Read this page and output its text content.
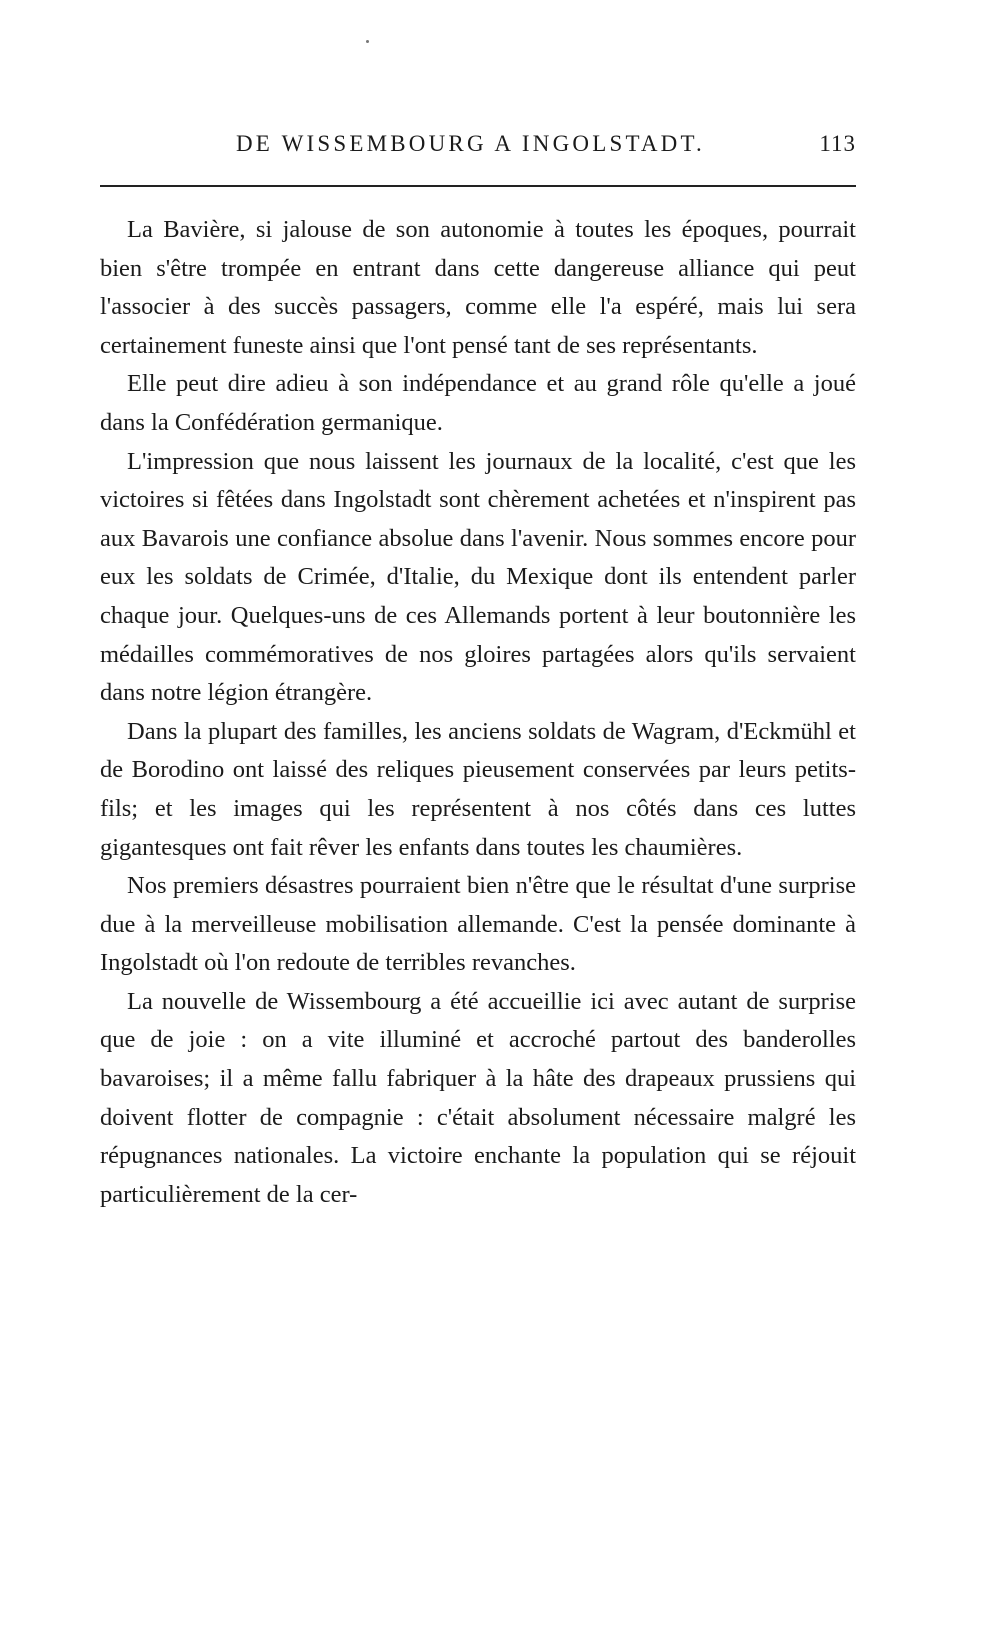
DE WISSEMBOURG A INGOLSTADT.	113

La Bavière, si jalouse de son autonomie à toutes les époques, pourrait bien s'être trompée en entrant dans cette dangereuse alliance qui peut l'associer à des succès passagers, comme elle l'a espéré, mais lui sera certainement funeste ainsi que l'ont pensé tant de ses représentants.

Elle peut dire adieu à son indépendance et au grand rôle qu'elle a joué dans la Confédération germanique.

L'impression que nous laissent les journaux de la localité, c'est que les victoires si fêtées dans Ingolstadt sont chèrement achetées et n'inspirent pas aux Bavarois une confiance absolue dans l'avenir. Nous sommes encore pour eux les soldats de Crimée, d'Italie, du Mexique dont ils entendent parler chaque jour. Quelques-uns de ces Allemands portent à leur boutonnière les médailles commémoratives de nos gloires partagées alors qu'ils servaient dans notre légion étrangère.

Dans la plupart des familles, les anciens soldats de Wagram, d'Eckmühl et de Borodino ont laissé des reliques pieusement conservées par leurs petits-fils; et les images qui les représentent à nos côtés dans ces luttes gigantesques ont fait rêver les enfants dans toutes les chaumières.

Nos premiers désastres pourraient bien n'être que le résultat d'une surprise due à la merveilleuse mobilisation allemande. C'est la pensée dominante à Ingolstadt où l'on redoute de terribles revanches.

La nouvelle de Wissembourg a été accueillie ici avec autant de surprise que de joie : on a vite illuminé et accroché partout des banderolles bavaroises; il a même fallu fabriquer à la hâte des drapeaux prussiens qui doivent flotter de compagnie : c'était absolument nécessaire malgré les répugnances nationales. La victoire enchante la population qui se réjouit particulièrement de la cer-
